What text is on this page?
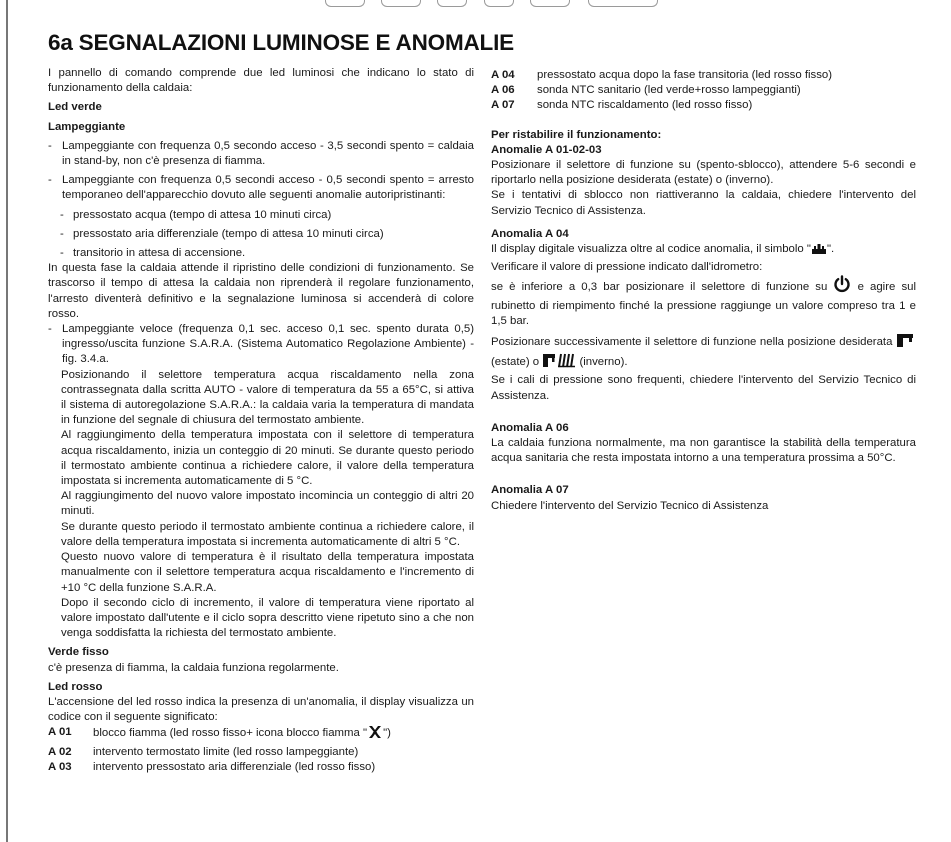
6a SEGNALAZIONI LUMINOSE E ANOMALIE

I pannello di comando comprende due led luminosi che indicano lo stato di funzionamento della caldaia:

Led verde

Lampeggiante

- Lampeggiante con frequenza 0,5 secondo acceso - 3,5 secondi spento = caldaia in stand-by, non c'è presenza di fiamma.
- Lampeggiante con frequenza 0,5 secondi acceso - 0,5 secondi spento = arresto temporaneo dell'apparecchio dovuto alle seguenti anomalie autoripristinanti:
- pressostato acqua (tempo di attesa 10 minuti circa)
- pressostato aria differenziale (tempo di attesa 10 minuti circa)
- transitorio in attesa di accensione.

In questa fase la caldaia attende il ripristino delle condizioni di funzionamento. Se trascorso il tempo di attesa la caldaia non riprenderà il regolare funzionamento, l'arresto diventerà definitivo e la segnalazione luminosa si accenderà di colore rosso.

- Lampeggiante veloce (frequenza 0,1 sec. acceso 0,1 sec. spento durata 0,5) ingresso/uscita funzione S.A.R.A. (Sistema Automatico Regolazione Ambiente) - fig. 3.4.a.

Posizionando il selettore temperatura acqua riscaldamento nella zona contrassegnata dalla scritta AUTO - valore di temperatura da 55 a 65°C, si attiva il sistema di autoregolazione S.A.R.A.: la caldaia varia la temperatura di mandata in funzione del segnale di chiusura del termostato ambiente.

Al raggiungimento della temperatura impostata con il selettore di temperatura acqua riscaldamento, inizia un conteggio di 20 minuti. Se durante questo periodo il termostato ambiente continua a richiedere calore, il valore della temperatura impostata si incrementa automaticamente di 5 °C.

Al raggiungimento del nuovo valore impostato incomincia un conteggio di altri 20 minuti.

Se durante questo periodo il termostato ambiente continua a richiedere calore, il valore della temperatura impostata si incrementa automaticamente di altri 5 °C.

Questo nuovo valore di temperatura è il risultato della temperatura impostata manualmente con il selettore temperatura acqua riscaldamento e l'incremento di +10 °C della funzione S.A.R.A.

Dopo il secondo ciclo di incremento, il valore di temperatura viene riportato al valore impostato dall'utente e il ciclo sopra descritto viene ripetuto sino a che non venga soddisfatta la richiesta del termostato ambiente.

Verde fisso

c'è presenza di fiamma, la caldaia funziona regolarmente.

Led rosso

L'accensione del led rosso indica la presenza di un'anomalia, il display visualizza un codice con il seguente significato:

A 01	blocco fiamma (led rosso fisso+ icona blocco fiamma " ")
A 02	intervento termostato limite (led rosso lampeggiante)
A 03	intervento pressostato aria differenziale (led rosso fisso)
A 04	pressostato acqua dopo la fase transitoria (led rosso fisso)
A 06	sonda NTC sanitario (led verde+rosso lampeggianti)
A 07	sonda NTC riscaldamento (led rosso fisso)

Per ristabilire il funzionamento:

Anomalie A 01-02-03

Posizionare il selettore di funzione su (spento-sblocco), attendere 5-6 secondi e riportarlo nella posizione desiderata (estate) o (inverno).

Se i tentativi di sblocco non riattiveranno la caldaia, chiedere l'intervento del Servizio Tecnico di Assistenza.

Anomalia A 04

Il display digitale visualizza oltre al codice anomalia, il simbolo " ".

Verificare il valore di pressione indicato dall'idrometro:

se è inferiore a 0,3 bar posizionare il selettore di funzione su  e agire sul rubinetto di riempimento finché la pressione raggiunge un valore compreso tra 1 e 1,5 bar.

Posizionare successivamente il selettore di funzione nella posizione desiderata  (estate) o	(inverno).

Se i cali di pressione sono frequenti, chiedere l'intervento del Servizio Tecnico di Assistenza.

Anomalia A 06

La caldaia funziona normalmente, ma non garantisce la stabilità della temperatura acqua sanitaria che resta impostata intorno a una temperatura prossima a 50°C.

Anomalia A 07

Chiedere l'intervento del Servizio Tecnico di Assistenza
